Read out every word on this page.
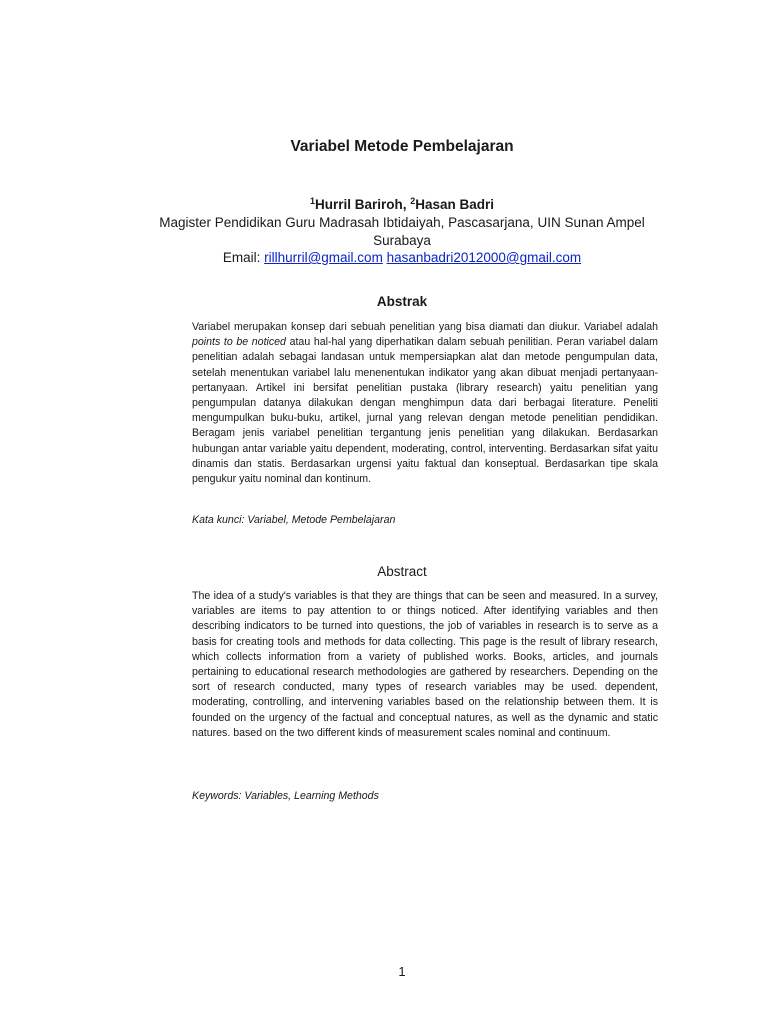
Variabel Metode Pembelajaran
$^1$Hurril Bariroh, $^2$Hasan Badri
Magister Pendidikan Guru Madrasah Ibtidaiyah, Pascasarjana, UIN Sunan Ampel Surabaya
Email: rillhurril@gmail.com hasanbadri2012000@gmail.com
Abstrak
Variabel merupakan konsep dari sebuah penelitian yang bisa diamati dan diukur. Variabel adalah points to be noticed atau hal-hal yang diperhatikan dalam sebuah penilitian. Peran variabel dalam penelitian adalah sebagai landasan untuk mempersiapkan alat dan metode pengumpulan data, setelah menentukan variabel lalu menenentukan indikator yang akan dibuat menjadi pertanyaan-pertanyaan. Artikel ini bersifat penelitian pustaka (library research) yaitu penelitian yang pengumpulan datanya dilakukan dengan menghimpun data dari berbagai literature. Peneliti mengumpulkan buku-buku, artikel, jurnal yang relevan dengan metode penelitian pendidikan. Beragam jenis variabel penelitian tergantung jenis penelitian yang dilakukan. Berdasarkan hubungan antar variable yaitu dependent, moderating, control, interventing. Berdasarkan sifat yaitu dinamis dan statis. Berdasarkan urgensi yaitu faktual dan konseptual. Berdasarkan tipe skala pengukur yaitu nominal dan kontinum.
Kata kunci: Variabel, Metode Pembelajaran
Abstract
The idea of a study's variables is that they are things that can be seen and measured. In a survey, variables are items to pay attention to or things noticed. After identifying variables and then describing indicators to be turned into questions, the job of variables in research is to serve as a basis for creating tools and methods for data collecting. This page is the result of library research, which collects information from a variety of published works. Books, articles, and journals pertaining to educational research methodologies are gathered by researchers. Depending on the sort of research conducted, many types of research variables may be used. dependent, moderating, controlling, and intervening variables based on the relationship between them. It is founded on the urgency of the factual and conceptual natures, as well as the dynamic and static natures. based on the two different kinds of measurement scales nominal and continuum.
Keywords: Variables, Learning Methods
1
